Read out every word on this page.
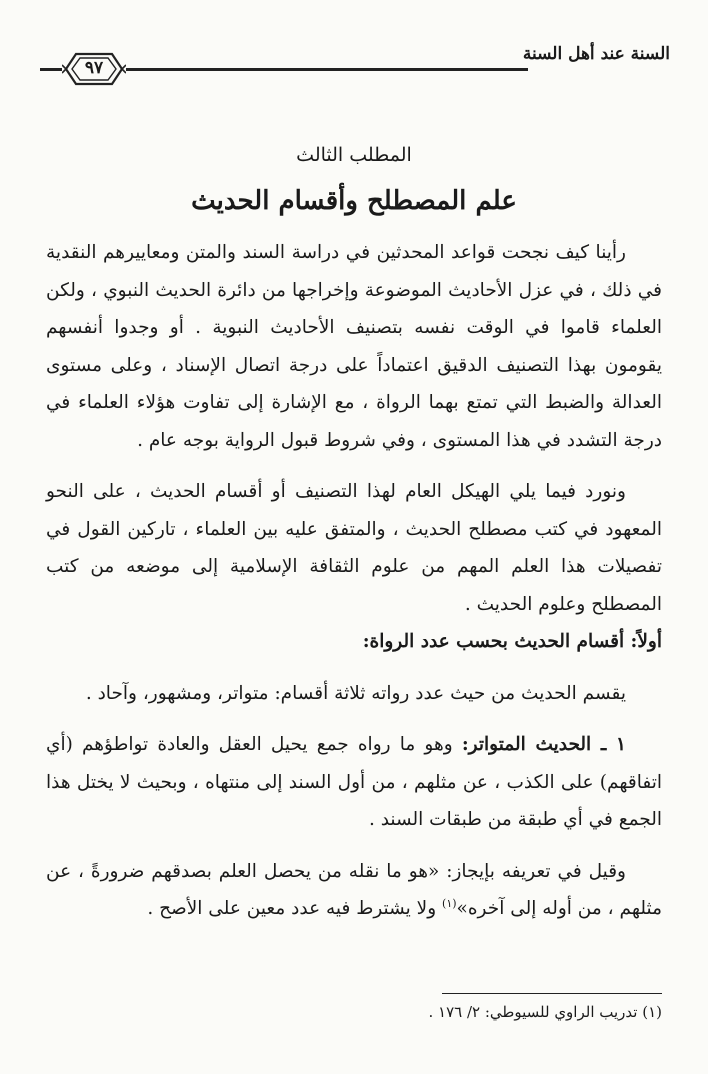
السنة عند أهل السنة
٩٧
المطلب الثالث
علم المصطلح وأقسام الحديث

رأينا كيف نجحت قواعد المحدثين في دراسة السند والمتن ومعاييرهم النقدية في ذلك ، في عزل الأحاديث الموضوعة وإخراجها من دائرة الحديث النبوي ، ولكن العلماء قاموا في الوقت نفسه بتصنيف الأحاديث النبوية . أو وجدوا أنفسهم يقومون بهذا التصنيف الدقيق اعتماداً على درجة اتصال الإسناد ، وعلى مستوى العدالة والضبط التي تمتع بهما الرواة ، مع الإشارة إلى تفاوت هؤلاء العلماء في درجة التشدد في هذا المستوى ، وفي شروط قبول الرواية بوجه عام .

ونورد فيما يلي الهيكل العام لهذا التصنيف أو أقسام الحديث ، على النحو المعهود في كتب مصطلح الحديث ، والمتفق عليه بين العلماء ، تاركين القول في تفصيلات هذا العلم المهم من علوم الثقافة الإسلامية إلى موضعه من كتب المصطلح وعلوم الحديث .

أولاً: أقسام الحديث بحسب عدد الرواة:

يقسم الحديث من حيث عدد رواته ثلاثة أقسام: متواتر، ومشهور، وآحاد .

١ ـ الحديث المتواتر: وهو ما رواه جمع يحيل العقل والعادة تواطؤهم (أي اتفاقهم) على الكذب ، عن مثلهم ، من أول السند إلى منتهاه ، وبحيث لا يختل هذا الجمع في أي طبقة من طبقات السند .

وقيل في تعريفه بإيجاز: «هو ما نقله من يحصل العلم بصدقهم ضرورةً ، عن مثلهم ، من أوله إلى آخره»$^{(١)}$ ولا يشترط فيه عدد معين على الأصح .

(١) تدريب الراوي للسيوطي: ٢/ ١٧٦ .
